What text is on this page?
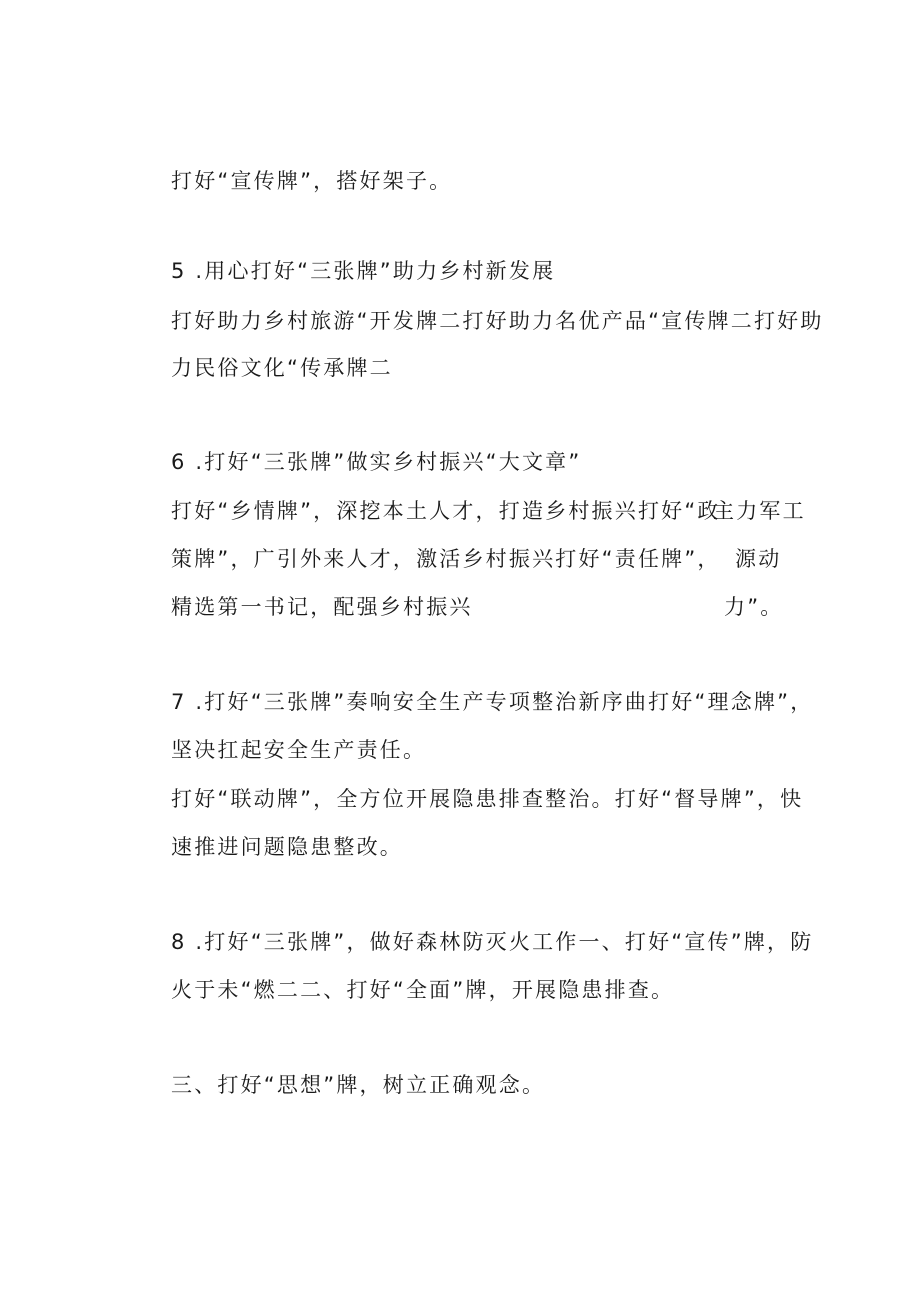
打好“宣传牌”，搭好架子。
5 .用心打好“三张牌”助力乡村新发展
打好助力乡村旅游“开发牌二打好助力名优产品“宣传牌二打好助
力民俗文化“传承牌二
6 .打好“三张牌”做实乡村振兴“大文章”
打好“乡情牌”，深挖本土人才，打造乡村振兴打好“政
策牌”，广引外来人才，激活乡村振兴打好“责任牌”，
精选第一书记，配强乡村振兴
主力军工
源动
力”。
7 .打好“三张牌”奏响安全生产专项整治新序曲打好“理念牌”，
坚决扛起安全生产责任。
打好“联动牌”，全方位开展隐患排查整治。打好“督导牌”，快
速推进问题隐患整改。
8 .打好“三张牌”，做好森林防灭火工作一、打好“宣传”牌，防
火于未“燃二二、打好“全面”牌，开展隐患排查。
三、打好“思想”牌，树立正确观念。
